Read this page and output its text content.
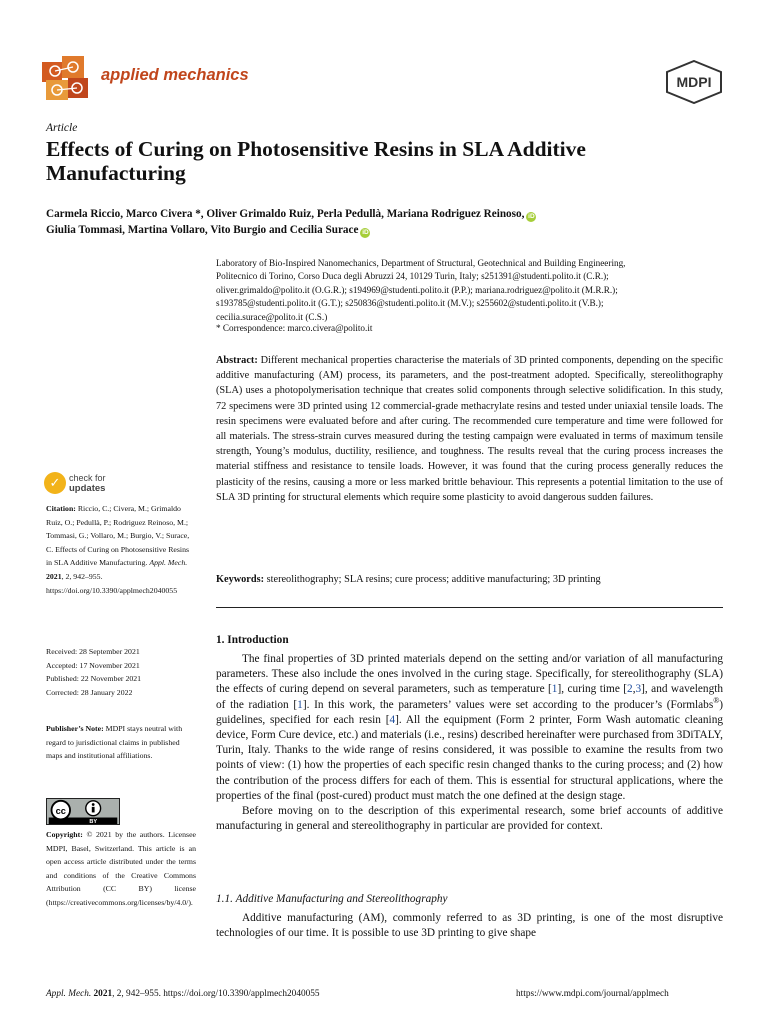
applied mechanics	MDPI
Article
Effects of Curing on Photosensitive Resins in SLA Additive Manufacturing
Carmela Riccio, Marco Civera *, Oliver Grimaldo Ruiz, Perla Pedullà, Mariana Rodriguez Reinoso, iD
Giulia Tommasi, Martina Vollaro, Vito Burgio and Cecilia Surace iD

Laboratory of Bio-Inspired Nanomechanics, Department of Structural, Geotechnical and Building Engineering,

Politecnico di Torino, Corso Duca degli Abruzzi 24, 10129 Turin, Italy; s251391@studenti.polito.it (C.R.);

oliver.grimaldo@polito.it (O.G.R.); s194969@studenti.polito.it (P.P.); mariana.rodriguez@polito.it (M.R.R.);

s193785@studenti.polito.it (G.T.); s250836@studenti.polito.it (M.V.); s255602@studenti.polito.it (V.B.);

cecilia.surace@polito.it (C.S.)

* Correspondence: marco.civera@polito.it
Abstract: Different mechanical properties characterise the materials of 3D printed components, depending on the specific additive manufacturing (AM) process, its parameters, and the post-treatment adopted. Specifically, stereolithography (SLA) uses a photopolymerisation technique that creates solid components through selective solidification. In this study, 72 specimens were 3D printed using 12 commercial-grade methacrylate resins and tested under uniaxial tensile loads. The resin specimens were evaluated before and after curing. The recommended cure temperature and time were followed for all materials. The stress-strain curves measured during the testing campaign were evaluated in terms of maximum tensile strength, Young’s modulus, ductility, resilience, and toughness. The results reveal that the curing process increases the material stiffness and resistance to tensile loads. However, it was found that the curing process generally reduces the plasticity of the resins, causing a more or less marked brittle behaviour. This represents a potential limitation to the use of SLA 3D printing for structural elements which require some plasticity to avoid dangerous sudden failures.
Keywords: stereolithography; SLA resins; cure process; additive manufacturing; 3D printing
1. Introduction

The final properties of 3D printed materials depend on the setting and/or variation of all manufacturing parameters. These also include the ones involved in the curing stage. Specifically, for stereolithography (SLA) the effects of curing depend on several parameters, such as temperature [1], curing time [2,3], and wavelength of the radiation [1]. In this work, the parameters’ values were set according to the producer’s (Formlabs®) guidelines, specified for each resin [4]. All the equipment (Form 2 printer, Form Wash automatic cleaning device, Form Cure device, etc.) and materials (i.e., resins) described hereinafter were purchased from 3DiTALY, Turin, Italy. Thanks to the wide range of resins considered, it was possible to examine the results from two points of view: (1) how the properties of each specific resin changed thanks to the curing process; and (2) how the contribution of the process differs for each of them. This is essential for structural applications, where the properties of the final (post-cured) product must match the one defined at the design stage.

Before moving on to the description of this experimental research, some brief accounts of additive manufacturing in general and stereolithography in particular are provided for context.

1.1. Additive Manufacturing and Stereolithography
Additive manufacturing (AM), commonly referred to as 3D printing, is one of the most disruptive technologies of our time. It is possible to use 3D printing to give shape
✓ check for
updates
Citation: Riccio, C.; Civera, M.; Grimaldo Ruiz, O.; Pedullà, P.; Rodriguez Reinoso, M.; Tommasi, G.; Vollaro, M.; Burgio, V.; Surace, C. Effects of Curing on Photosensitive Resins in SLA Additive Manufacturing. Appl. Mech. 2021, 2, 942–955. https://doi.org/10.3390/applmech2040055
Received: 28 September 2021
Accepted: 17 November 2021
Published: 22 November 2021
Corrected: 28 January 2022
Publisher’s Note: MDPI stays neutral with regard to jurisdictional claims in published maps and institutional affiliations.
cc
BY
Copyright: © 2021 by the authors. Licensee MDPI, Basel, Switzerland. This article is an open access article distributed under the terms and conditions of the Creative Commons Attribution (CC BY) license (https://creativecommons.org/licenses/by/4.0/).
Appl. Mech. 2021, 2, 942–955. https://doi.org/10.3390/applmech2040055	https://www.mdpi.com/journal/applmech
